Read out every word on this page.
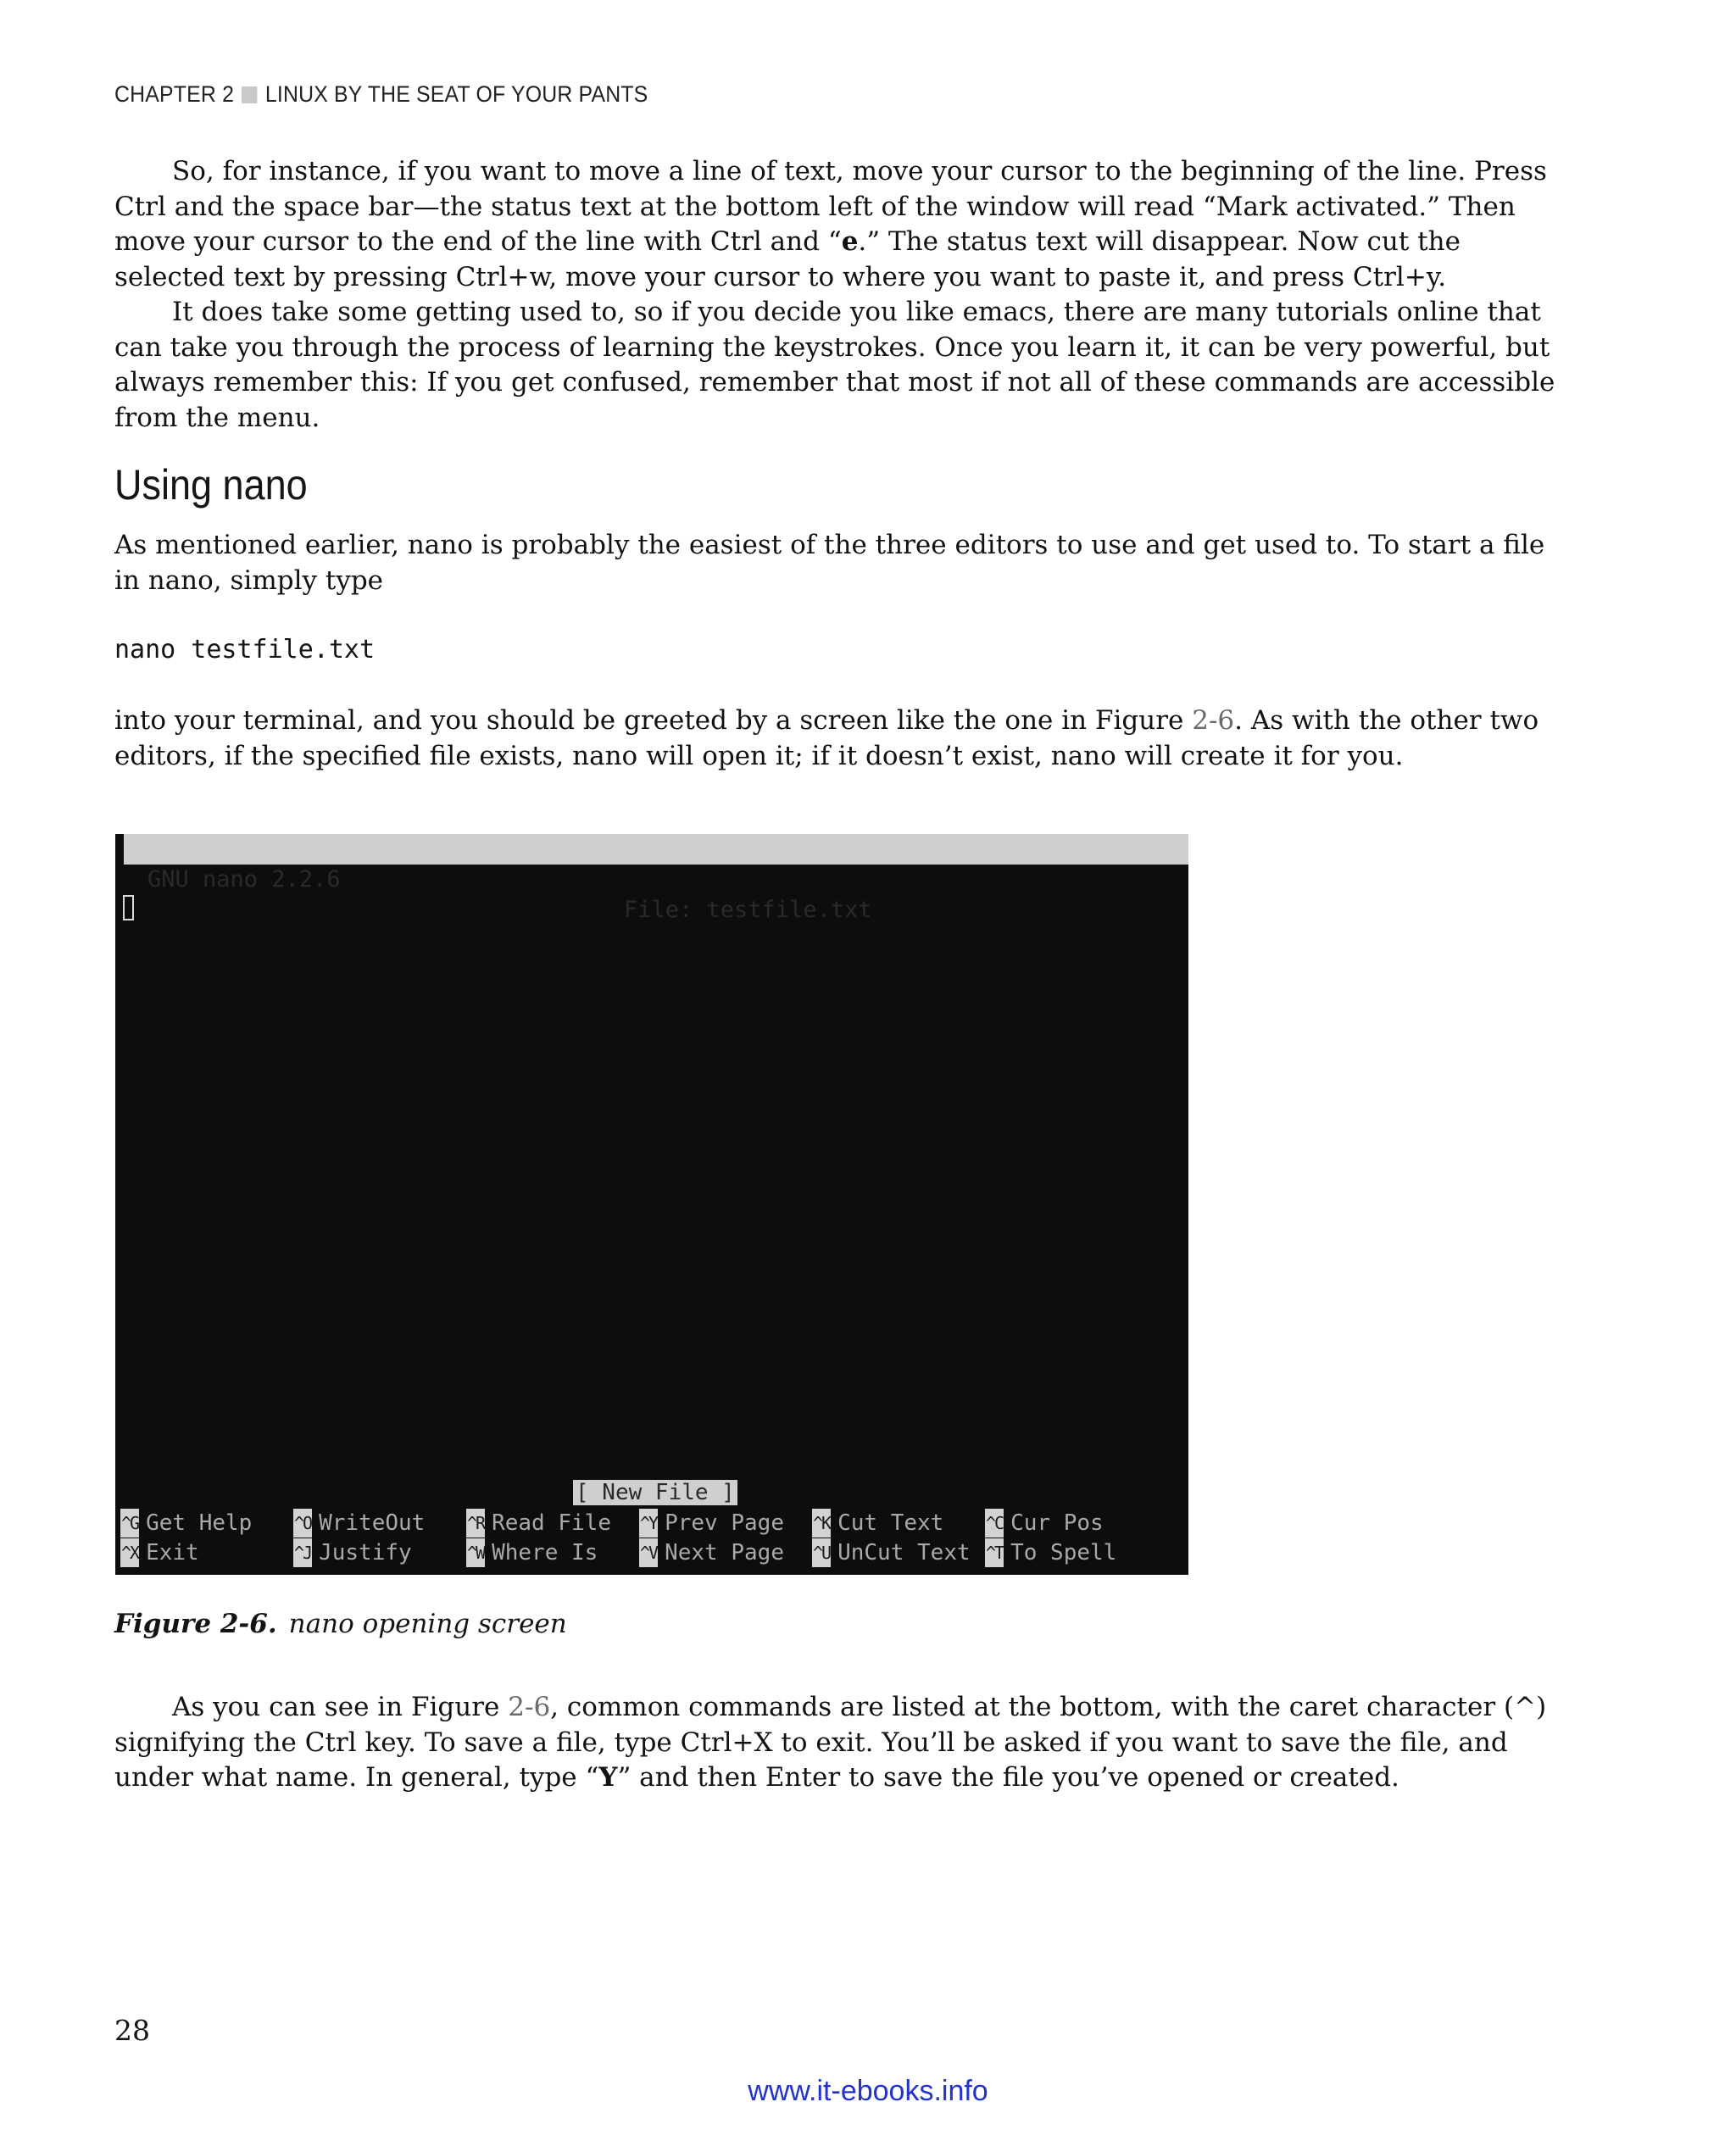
CHAPTER 2 LINUX BY THE SEAT OF YOUR PANTS

So, for instance, if you want to move a line of text, move your cursor to the beginning of the line. Press Ctrl and the space bar—the status text at the bottom left of the window will read “Mark activated.” Then move your cursor to the end of the line with Ctrl and “e.” The status text will disappear. Now cut the selected text by pressing Ctrl+w, move your cursor to where you want to paste it, and press Ctrl+y.

It does take some getting used to, so if you decide you like emacs, there are many tutorials online that can take you through the process of learning the keystrokes. Once you learn it, it can be very powerful, but always remember this: If you get confused, remember that most if not all of these commands are accessible from the menu.

Using nano

As mentioned earlier, nano is probably the easiest of the three editors to use and get used to. To start a file in nano, simply type

nano testfile.txt

into your terminal, and you should be greeted by a screen like the one in Figure 2-6. As with the other two editors, if the specified file exists, nano will open it; if it doesn’t exist, nano will create it for you.

GNU nano 2.2.6

File: testfile.txt

[ New File ]
^G Get Help ^O WriteOut ^R Read File ^Y Prev Page ^K Cut Text ^C Cur Pos
^X Exit	^J Justify	^W Where Is ^V Next Page ^U UnCut Text ^T To Spell

Figure 2-6. nano opening screen

As you can see in Figure 2-6, common commands are listed at the bottom, with the caret character (^) signifying the Ctrl key. To save a file, type Ctrl+X to exit. You’ll be asked if you want to save the file, and under what name. In general, type “Y” and then Enter to save the file you’ve opened or created.

28
www.it-ebooks.info
